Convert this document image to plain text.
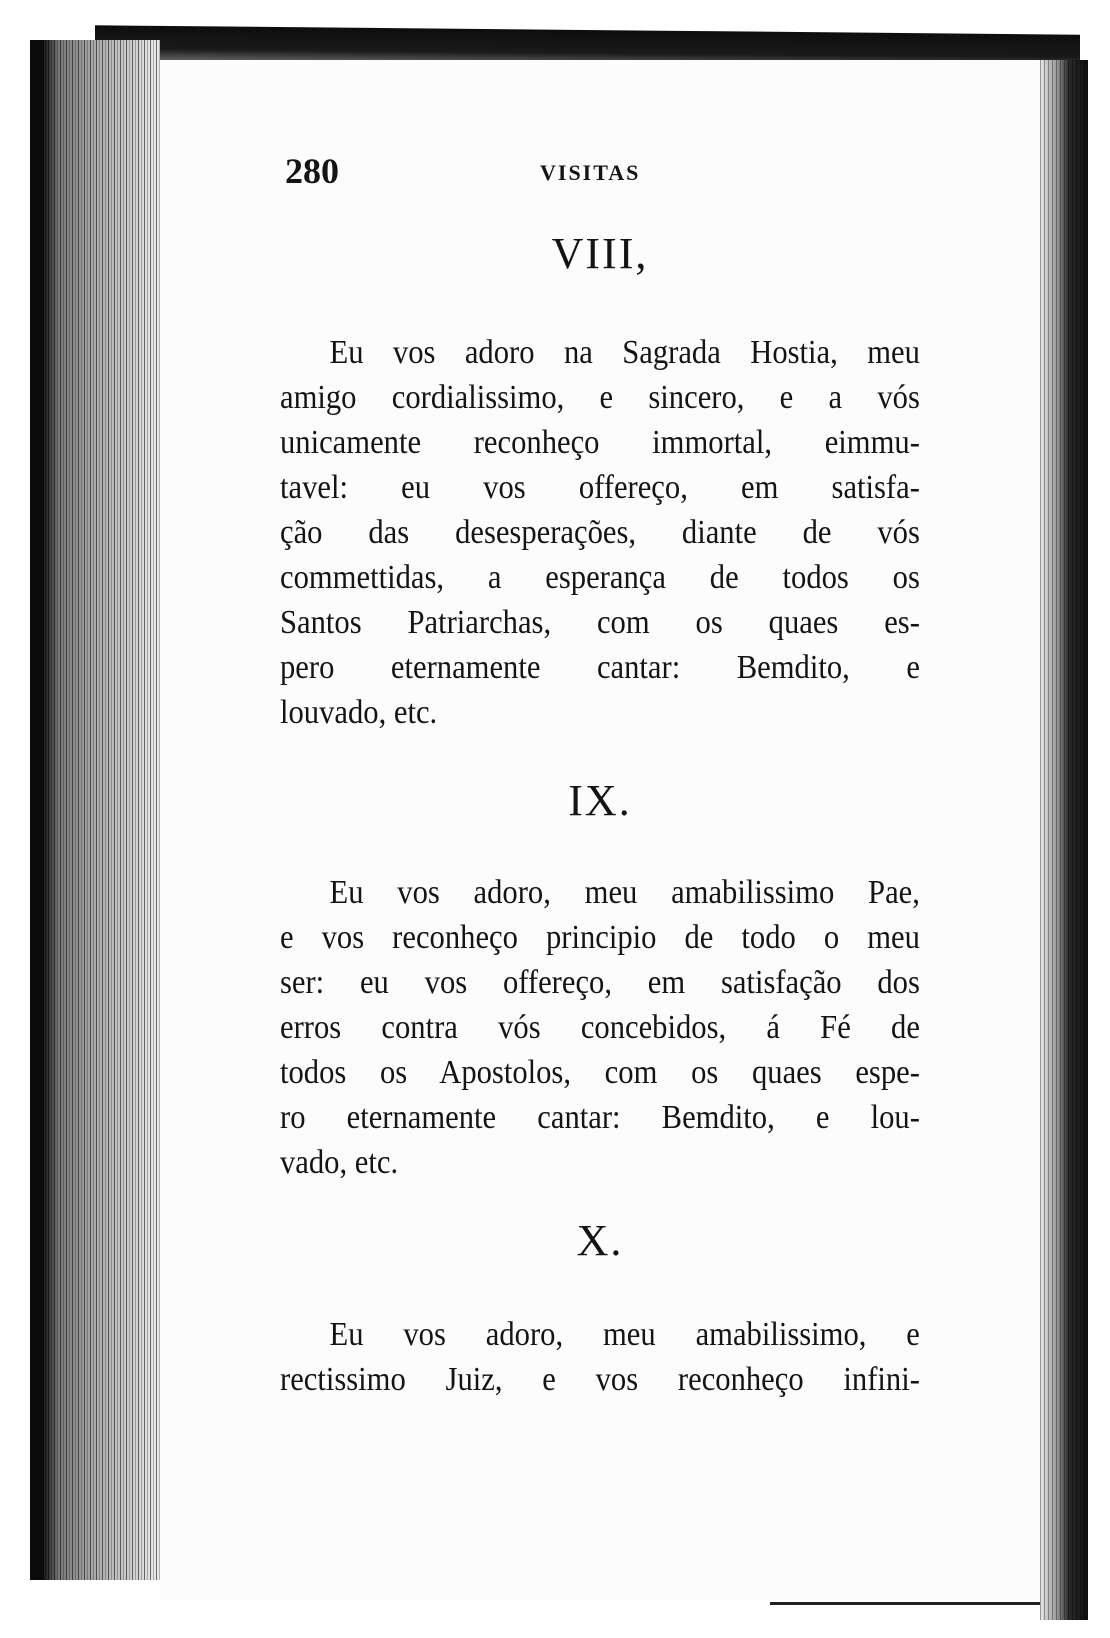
280	VISITAS
VIII,

Eu vos adoro na Sagrada Hostia, meu
amigo cordialissimo, e sincero, e a vós
unicamente reconheço immortal, eimmu-
tavel: eu vos offereço, em satisfa-
ção das desesperações, diante de vós
commettidas, a esperança de todos os
Santos Patriarchas, com os quaes es-
pero eternamente cantar: Bemdito, e
louvado, etc.

IX.

Eu vos adoro, meu amabilissimo Pae,
e vos reconheço principio de todo o meu
ser: eu vos offereço, em satisfação dos
erros contra vós concebidos, á Fé de
todos os Apostolos, com os quaes espe-
ro eternamente cantar: Bemdito, e lou-
vado, etc.

X.

Eu vos adoro, meu amabilissimo, e
rectissimo Juiz, e vos reconheço infini-
